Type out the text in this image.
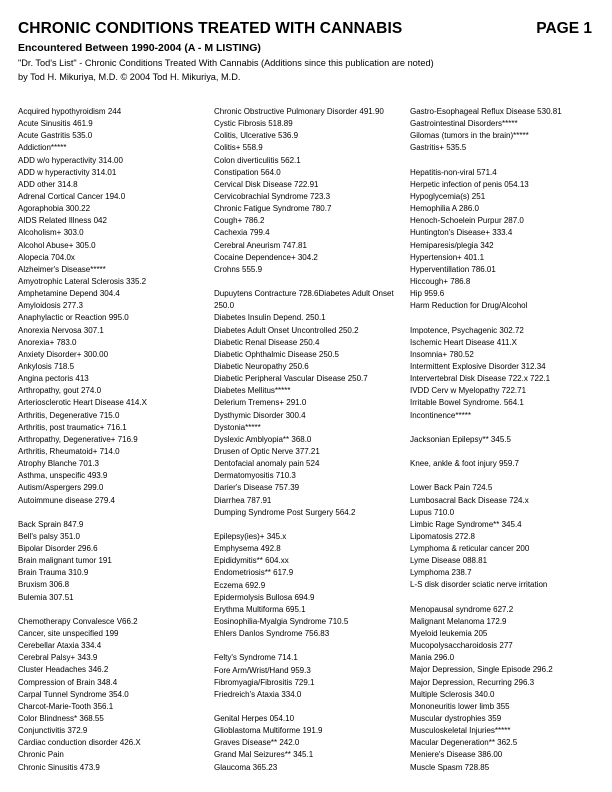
CHRONIC CONDITIONS TREATED WITH CANNABIS	PAGE 1
Encountered Between 1990-2004 (A - M LISTING)
"Dr. Tod's List" - Chronic Conditions Treated With Cannabis (Additions since this publication are noted)
by Tod H. Mikuriya, M.D. © 2004 Tod H. Mikuriya, M.D.
Acquired hypothyroidism 244
Acute Sinusitis 461.9
Acute Gastritis 535.0
Addiction*****
ADD w/o hyperactivity 314.00
ADD w hyperactivity 314.01
ADD other 314.8
Adrenal Cortical Cancer 194.0
Agoraphobia 300.22
AIDS Related Illness 042
Alcoholism+ 303.0
Alcohol Abuse+ 305.0
Alopecia 704.0x
Alzheimer's Disease*****
Amyotrophic Lateral Sclerosis 335.2
Amphetamine Depend 304.4
Amyloidosis 277.3
Anaphylactic or Reaction 995.0
Anorexia Nervosa 307.1
Anorexia+ 783.0
Anxiety Disorder+ 300.00
Ankylosis 718.5
Angina pectoris 413
Arthropathy, gout 274.0
Arteriosclerotic Heart Disease 414.X
Arthritis, Degenerative 715.0
Arthritis, post traumatic+ 716.1
Arthropathy, Degenerative+ 716.9
Arthritis, Rheumatoid+ 714.0
Atrophy Blanche 701.3
Asthma, unspecific 493.9
Autism/Aspergers 299.0
Autoimmune disease 279.4
Back Sprain 847.9
Bell's palsy 351.0
Bipolar Disorder 296.6
Brain malignant tumor 191
Brain Trauma 310.9
Bruxism 306.8
Bulemia 307.51
Chemotherapy Convalesce V66.2
Cancer, site unspecified 199
Cerebellar Ataxia 334.4
Cerebral Palsy+ 343.9
Cluster Headaches 346.2
Compression of Brain 348.4
Carpal Tunnel Syndrome 354.0
Charcot-Marie-Tooth 356.1
Color Blindness* 368.55
Conjunctivitis 372.9
Cardiac conduction disorder 426.X
Chronic Pain
Chronic Sinusitis 473.9
Chronic Obstructive Pulmonary Disorder 491.90
Cystic Fibrosis 518.89
Colitis, Ulcerative 536.9
Colitis+ 558.9
Colon diverticulitis 562.1
Constipation 564.0
Cervical Disk Disease 722.91
Cervicobrachial Syndrome 723.3
Chronic Fatigue Syndrome 780.7
Cough+ 786.2
Cachexia 799.4
Cerebral Aneurism 747.81
Cocaine Dependence+ 304.2
Crohns 555.9
Dupuytens Contracture 728.6Diabetes Adult Onset 250.0
Diabetes Insulin Depend. 250.1
Diabetes Adult Onset Uncontrolled 250.2
Diabetic Renal Disease 250.4
Diabetic Ophthalmic Disease 250.5
Diabetic Neuropathy 250.6
Diabetic Peripheral Vascular Disease 250.7
Diabetes Mellitus*****
Delerium Tremens+ 291.0
Dysthymic Disorder 300.4
Dystonia*****
Dyslexic Amblyopia** 368.0
Drusen of Optic Nerve 377.21
Dentofacial anomaly pain 524
Dermatomyositis 710.3
Darier's Disease 757.39
Diarrhea 787.91
Dumping Syndrome Post Surgery 564.2
Epilepsy(ies)+ 345.x
Emphysema 492.8
Epididymitis** 604.xx
Endometriosis** 617.9
Eczema 692.9
Epidermolysis Bullosa 694.9
Erythma Multiforma 695.1
Eosinophilia-Myalgia Syndrome 710.5
Ehlers Danlos Syndrome 756.83
Felty's Syndrome 714.1
Fore Arm/Wrist/Hand 959.3
Fibromyagia/Fibrositis 729.1
Friedreich's Ataxia 334.0
Genital Herpes 054.10
Glioblastoma Multiforme 191.9
Graves Disease** 242.0
Grand Mal Seizures** 345.1
Glaucoma 365.23
Gastro-Esophageal Reflux Disease 530.81
Gastrointestinal Disorders*****
Gilomas (tumors in the brain)*****
Gastritis+ 535.5
Hepatitis-non-viral 571.4
Herpetic infection of penis 054.13
Hypoglycemia(s) 251
Hemophilia A 286.0
Henoch-Schoelein Purpur 287.0
Huntington's Disease+ 333.4
Hemiparesis/plegia 342
Hypertension+ 401.1
Hyperventillation 786.01
Hiccough+ 786.8
Hip 959.6
Harm Reduction for Drug/Alcohol
Impotence, Psychagenic 302.72
Ischemic Heart Disease 411.X
Insomnia+ 780.52
Intermittent Explosive Disorder 312.34
Intervertebral Disk Disease 722.x 722.1
IVDD Cerv w Myelopathy 722.71
Irritable Bowel Syndrome. 564.1
Incontinence*****
Jacksonian Epilepsy** 345.5
Knee, ankle & foot injury 959.7
Lower Back Pain 724.5
Lumbosacral Back Disease 724.x
Lupus 710.0
Limbic Rage Syndrome** 345.4
Lipomatosis 272.8
Lymphoma & reticular cancer 200
Lyme Disease 088.81
Lymphoma 238.7
L-S disk disorder sciatic nerve irritation
Menopausal syndrome 627.2
Malignant Melanoma 172.9
Myeloid leukemia 205
Mucopolysaccharoidosis 277
Mania 296.0
Major Depression, Single Episode 296.2
Major Depression, Recurring 296.3
Multiple Sclerosis 340.0
Mononeuritis lower limb 355
Muscular dystrophies 359
Musculoskeletal Injuries*****
Macular Degeneration** 362.5
Meniere's Disease 386.00
Muscle Spasm 728.85
